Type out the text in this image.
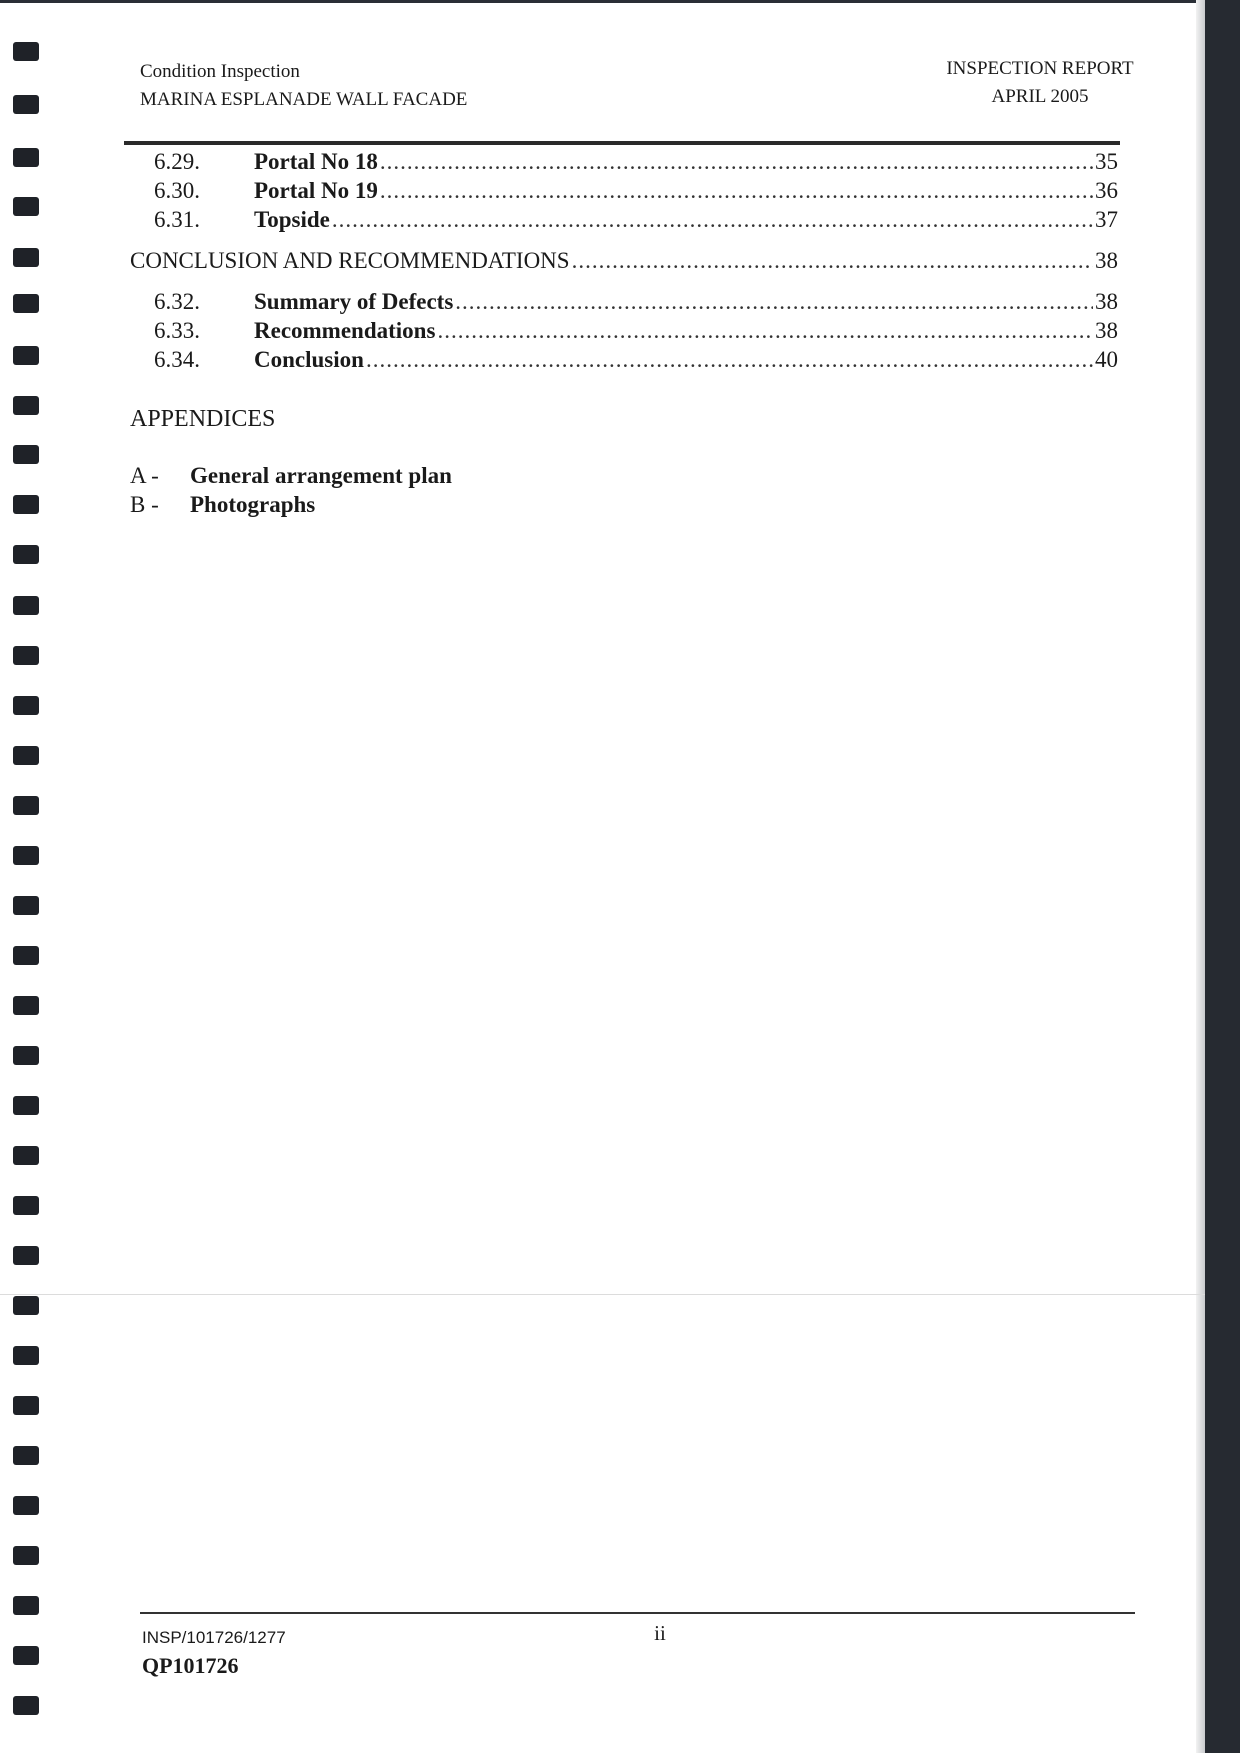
Condition Inspection
MARINA ESPLANADE WALL FACADE
INSPECTION REPORT
APRIL 2005
6.29.	Portal No 18 .....	35
6.30.	Portal No 19 .....	36
6.31.	Topside .....	37
CONCLUSION AND RECOMMENDATIONS .....	38
6.32.	Summary of Defects .....	38
6.33.	Recommendations .....	38
6.34.	Conclusion .....	40
APPENDICES
A -	General arrangement plan
B -	Photographs
INSP/101726/1277	ii
QP101726
